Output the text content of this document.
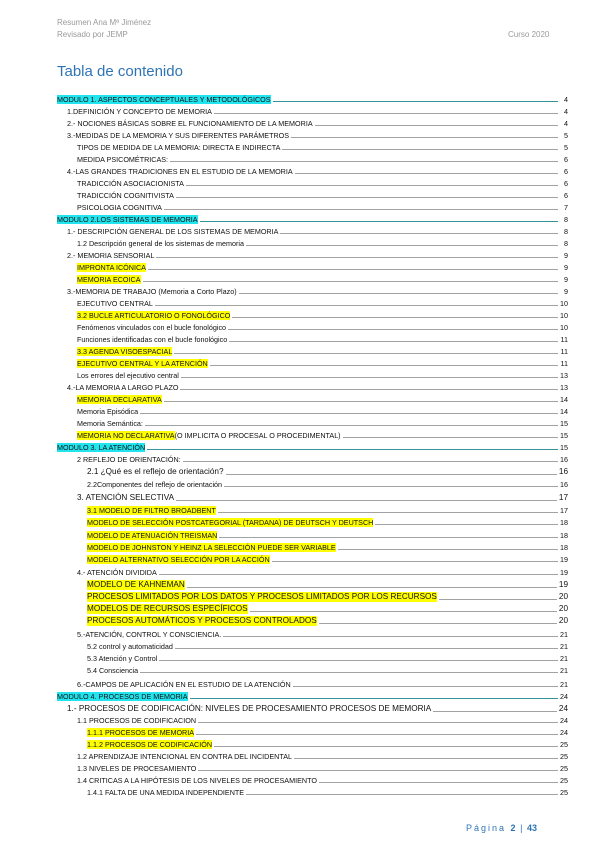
Resumen Ana Mª Jiménez
Revisado por JEMP	Curso 2020
Tabla de contenido
MODULO 1. ASPECTOS CONCEPTUALES Y METODOLÓGICOS	4
1.DEFINICIÓN Y CONCEPTO DE MEMORIA	4
2.- NOCIONES BÁSICAS SOBRE EL FUNCIONAMIENTO DE LA MEMORIA	4
3.-MEDIDAS DE LA MEMORIA Y SUS DIFERENTES PARÁMETROS	5
TIPOS DE MEDIDA DE LA MEMORIA: DIRECTA E INDIRECTA	5
MEDIDA PSICOMÉTRICAS:	6
4.-LAS GRANDES TRADICIONES EN EL ESTUDIO DE LA MEMORIA	6
TRADICCIÓN ASOCIACIONISTA	6
TRADICCIÓN COGNITIVISTA	6
PSICOLOGIA COGNITIVA	7
MODULO 2.LOS SISTEMAS DE MEMORIA	8
1.- DESCRIPCIÓN GENERAL DE LOS SISTEMAS DE MEMORIA	8
1.2 Descripción general de los sistemas de memoria	8
2.- MEMORIA SENSORIAL	9
IMPRONTA ICÓNICA	9
MEMORIA ECOICA	9
3.-MEMORIA DE TRABAJO (Memoria a Corto Plazo)	9
EJECUTIVO CENTRAL	10
3.2 BUCLE ARTICULATORIO O FONOLÓGICO	10
Fenómenos vinculados con el bucle fonológico	10
Funciones identificadas con el bucle fonológico	11
3.3 AGENDA VISOESPACIAL	11
EJECUTIVO CENTRAL Y LA ATENCIÓN	11
Los errores del ejecutivo central	13
4.-LA MEMORIA A LARGO PLAZO	13
MEMORIA DECLARATIVA	14
Memoria Episódica	14
Memoria Semántica:	15
MEMORIA NO DECLARATIVA (O IMPLICITA O PROCESAL O PROCEDIMENTAL)	15
MODULO 3. LA ATENCIÓN	15
2 REFLEJO DE ORIENTACIÓN:	16
2.1 ¿Qué es el reflejo de orientación?	16
2.2Componentes del reflejo de orientación	16
3. ATENCIÓN SELECTIVA	17
3.1 MODELO DE FILTRO BROADBENT	17
MODELO DE SELECCIÓN POSTCATEGORIAL (TARDANA) DE DEUTSCH Y DEUTSCH	18
MODELO DE ATENUACIÓN TREISMAN	18
MODELO DE JOHNSTON Y HEINZ LA SELECCIÓN PUEDE SER VARIABLE	18
MODELO ALTERNATIVO SELECCIÓN POR LA ACCIÓN	19
4.- ATENCIÓN DIVIDIDA	19
MODELO DE KAHNEMAN	19
PROCESOS LIMITADOS POR LOS DATOS Y PROCESOS LIMITADOS POR LOS RECURSOS	20
MODELOS DE RECURSOS ESPECÍFICOS	20
PROCESOS AUTOMÁTICOS Y PROCESOS CONTROLADOS	20
5.-ATENCIÓN, CONTROL Y CONSCIENCIA.	21
5.2 control y automaticidad	21
5.3 Atención y Control	21
5.4 Consciencia	21
6.-CAMPOS DE APLICACIÓN EN EL ESTUDIO DE LA ATENCIÓN	21
MODULO 4. PROCESOS DE MEMORIA	24
1.- PROCESOS DE CODIFICACIÓN: NIVELES DE PROCESAMIENTO PROCESOS DE MEMORIA	24
1.1 PROCESOS DE CODIFICACION	24
1.1.1 PROCESOS DE MEMORIA	24
1.1.2 PROCESOS DE CODIFICACIÓN	25
1.2 APRENDIZAJE INTENCIONAL EN CONTRA DEL INCIDENTAL	25
1.3 NIVELES DE PROCESAMIENTO	25
1.4 CRITICAS A LA HIPÓTESIS DE LOS NIVELES DE PROCESAMIENTO	25
1.4.1 FALTA DE UNA MEDIDA INDEPENDIENTE	25
Página 2 | 43
